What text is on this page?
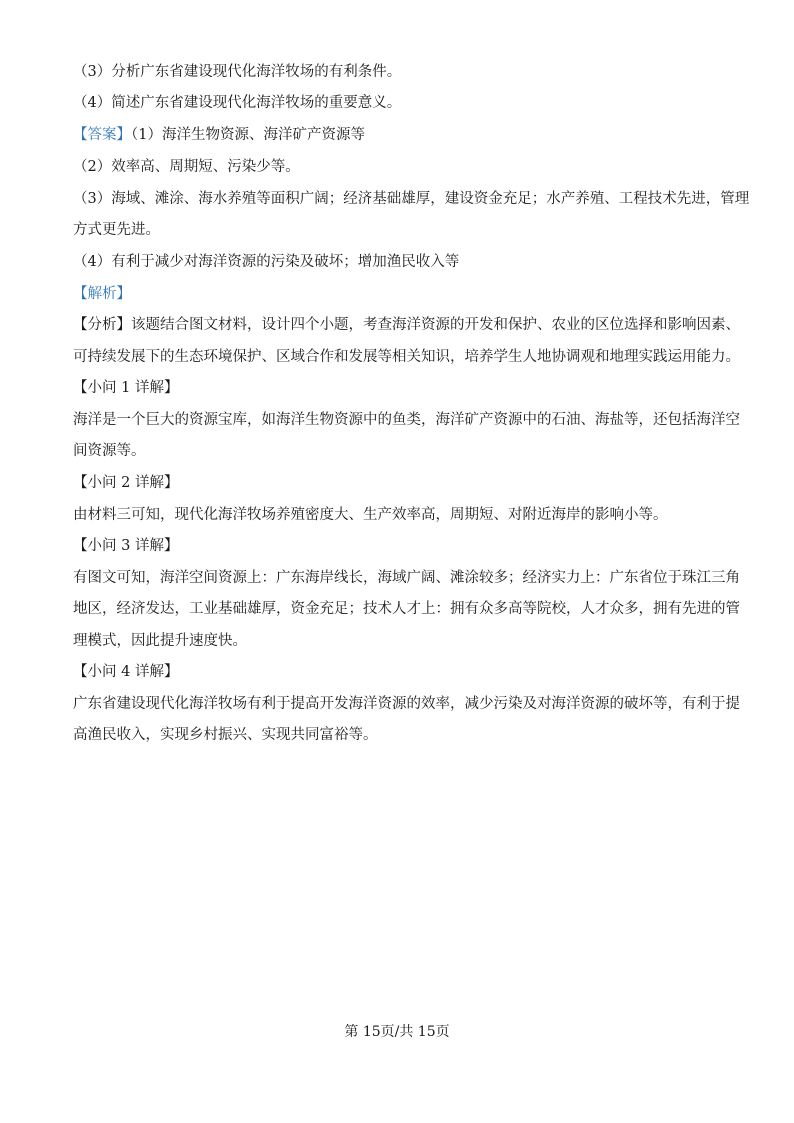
（3）分析广东省建设现代化海洋牧场的有利条件。

（4）简述广东省建设现代化海洋牧场的重要意义。

【答案】（1）海洋生物资源、海洋矿产资源等

（2）效率高、周期短、污染少等。

（3）海域、滩涂、海水养殖等面积广阔；经济基础雄厚，建设资金充足；水产养殖、工程技术先进，管理

方式更先进。

（4）有利于减少对海洋资源的污染及破坏；增加渔民收入等

【解析】

【分析】该题结合图文材料，设计四个小题，考查海洋资源的开发和保护、农业的区位选择和影响因素、

可持续发展下的生态环境保护、区域合作和发展等相关知识，培养学生人地协调观和地理实践运用能力。

【小问 1 详解】

海洋是一个巨大的资源宝库，如海洋生物资源中的鱼类，海洋矿产资源中的石油、海盐等，还包括海洋空

间资源等。

【小问 2 详解】

由材料三可知，现代化海洋牧场养殖密度大、生产效率高，周期短、对附近海岸的影响小等。

【小问 3 详解】

有图文可知，海洋空间资源上：广东海岸线长，海域广阔、滩涂较多；经济实力上：广东省位于珠江三角

地区，经济发达，工业基础雄厚，资金充足；技术人才上：拥有众多高等院校，人才众多，拥有先进的管

理模式，因此提升速度快。

【小问 4 详解】

广东省建设现代化海洋牧场有利于提高开发海洋资源的效率，减少污染及对海洋资源的破坏等，有利于提

高渔民收入，实现乡村振兴、实现共同富裕等。

第 15页/共 15页
